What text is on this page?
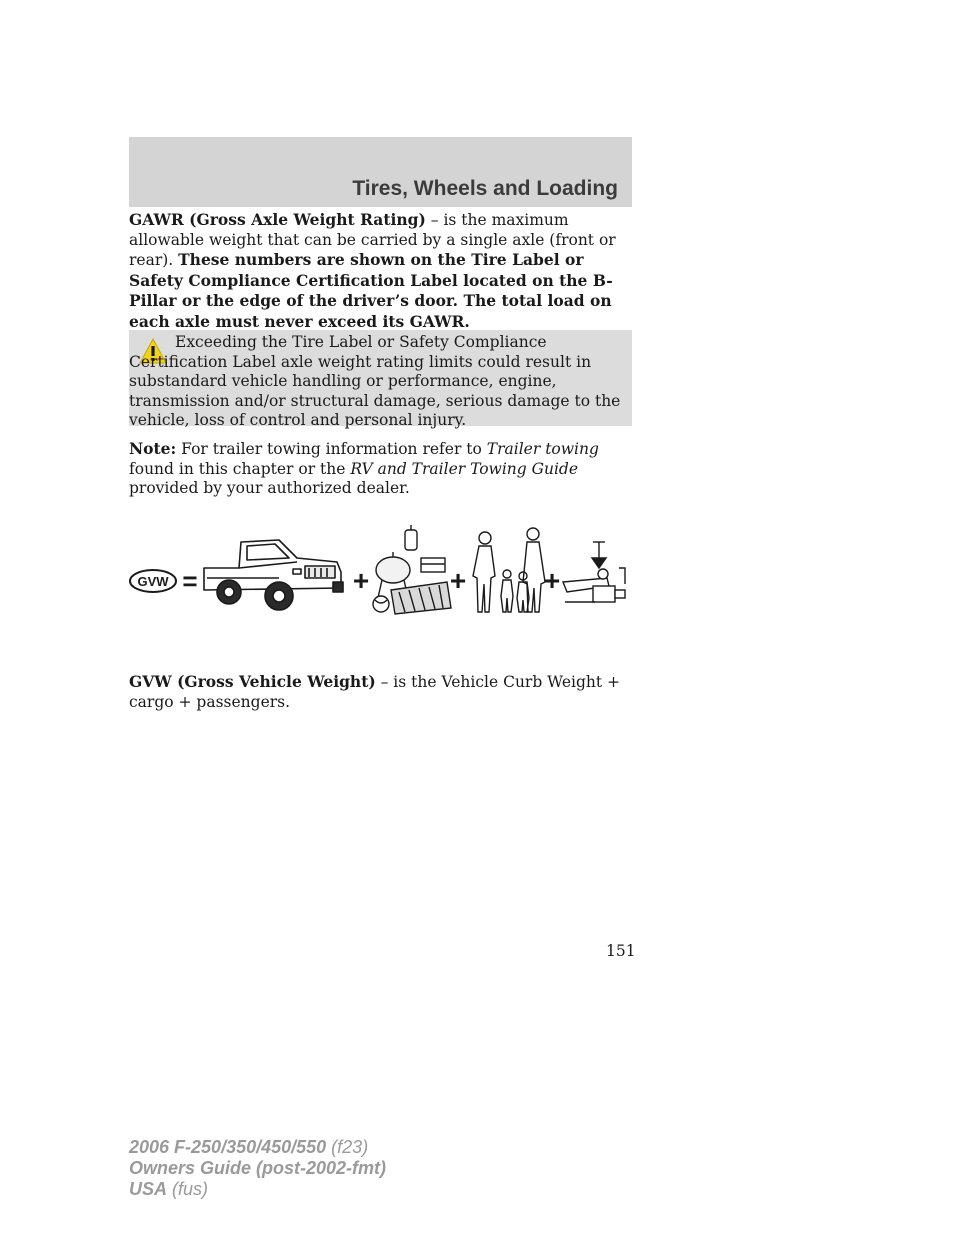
Tires, Wheels and Loading
GAWR (Gross Axle Weight Rating) – is the maximum allowable weight that can be carried by a single axle (front or rear). These numbers are shown on the Tire Label or Safety Compliance Certification Label located on the B-Pillar or the edge of the driver’s door. The total load on each axle must never exceed its GAWR.
Exceeding the Tire Label or Safety Compliance Certification Label axle weight rating limits could result in substandard vehicle handling or performance, engine, transmission and/or structural damage, serious damage to the vehicle, loss of control and personal injury.
Note: For trailer towing information refer to Trailer towing found in this chapter or the RV and Trailer Towing Guide provided by your authorized dealer.
GVW =	+	+	+
GVW (Gross Vehicle Weight) – is the Vehicle Curb Weight + cargo + passengers.
151
2006 F-250/350/450/550 (f23)
Owners Guide (post-2002-fmt)
USA (fus)
